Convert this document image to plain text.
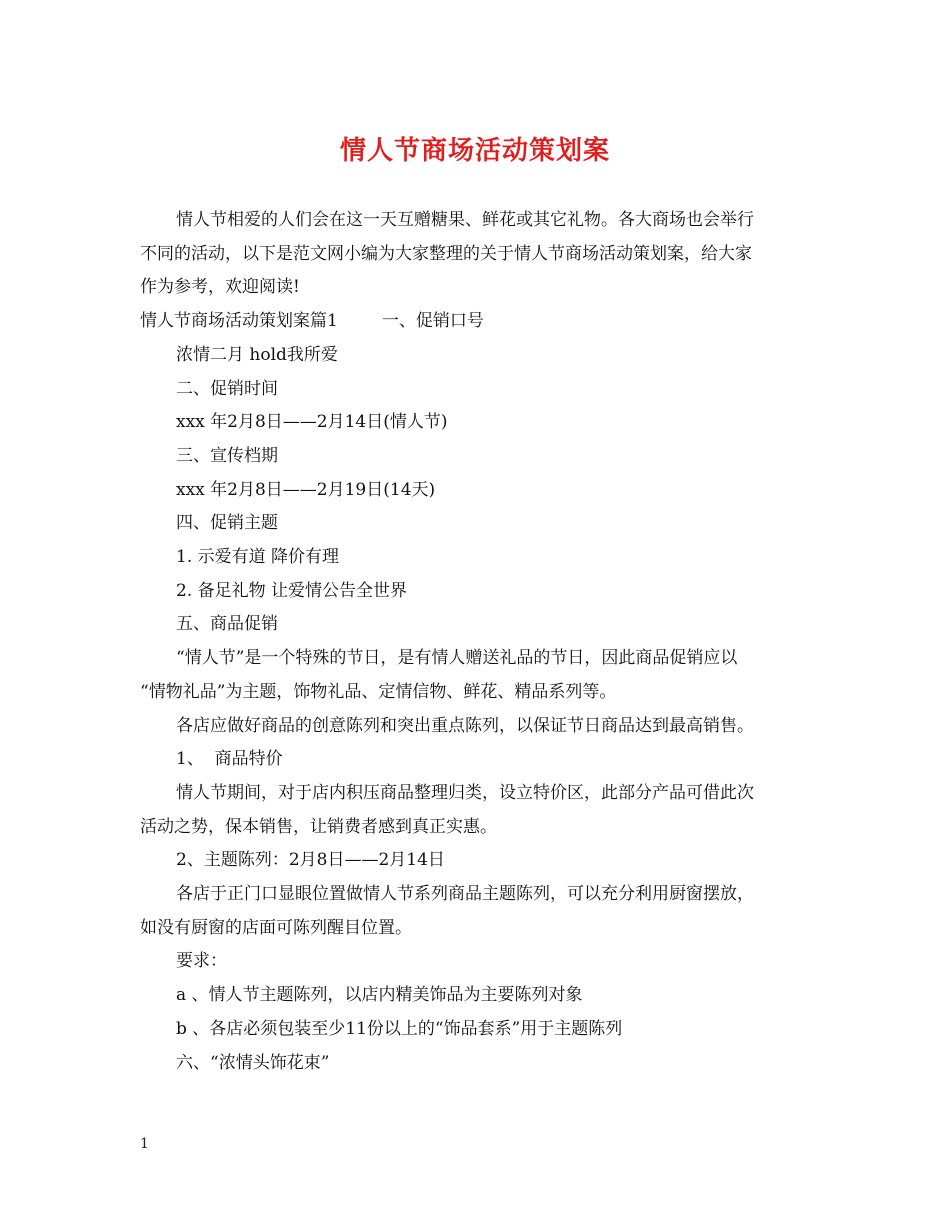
情人节商场活动策划案
情人节相爱的人们会在这一天互赠糖果、鲜花或其它礼物。各大商场也会举行
不同的活动，以下是范文网小编为大家整理的关于情人节商场活动策划案，给大家
作为参考，欢迎阅读!
情人节商场活动策划案篇1	一、促销口号
浓情二月 hold我所爱
二、促销时间
xxx 年2月8日——2月14日(情人节)
三、宣传档期
xxx 年2月8日——2月19日(14天)
四、促销主题
1. 示爱有道 降价有理
2. 备足礼物 让爱情公告全世界
五、商品促销
“情人节”是一个特殊的节日，是有情人赠送礼品的节日，因此商品促销应以
“情物礼品”为主题，饰物礼品、定情信物、鲜花、精品系列等。
各店应做好商品的创意陈列和突出重点陈列，以保证节日商品达到最高销售。
1、  商品特价
情人节期间，对于店内积压商品整理归类，设立特价区，此部分产品可借此次
活动之势，保本销售，让销费者感到真正实惠。
2、主题陈列：2月8日——2月14日
各店于正门口显眼位置做情人节系列商品主题陈列，可以充分利用厨窗摆放，
如没有厨窗的店面可陈列醒目位置。
要求：
a 、情人节主题陈列，以店内精美饰品为主要陈列对象
b 、各店必须包装至少11份以上的“饰品套系”用于主题陈列
六、“浓情头饰花束”
1
